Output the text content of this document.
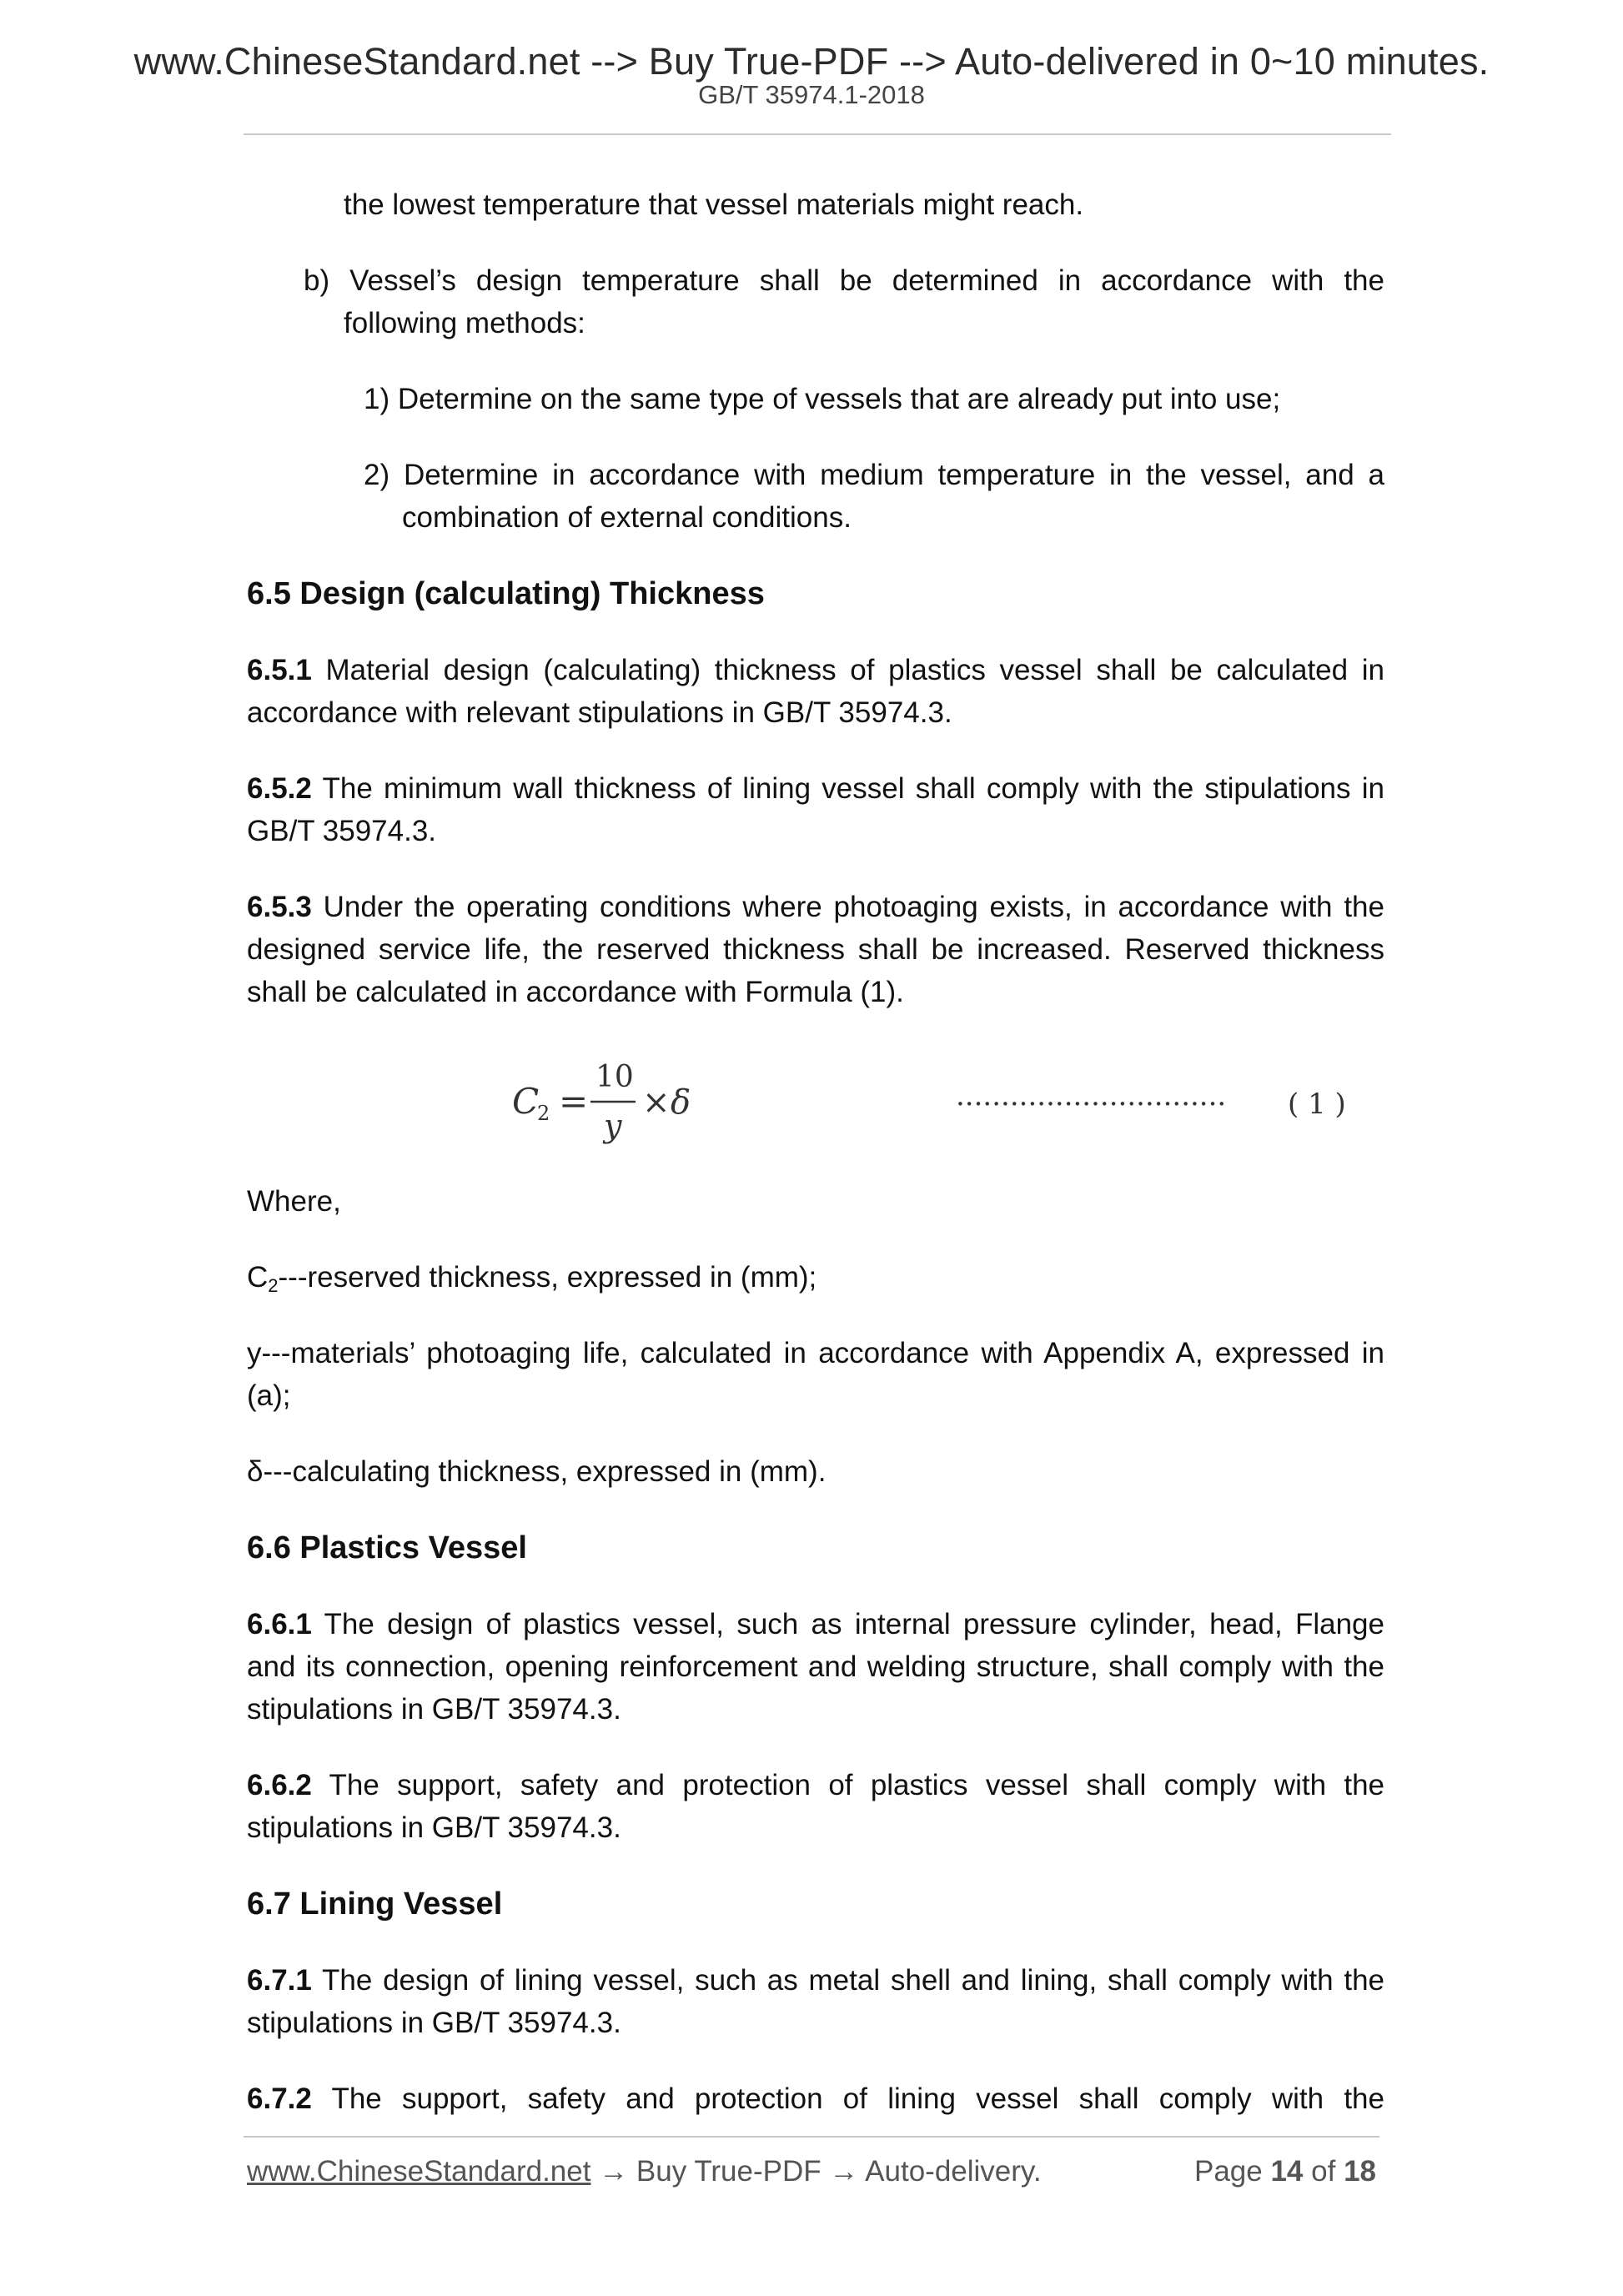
www.ChineseStandard.net --> Buy True-PDF --> Auto-delivered in 0~10 minutes.
GB/T 35974.1-2018

the lowest temperature that vessel materials might reach.

b) Vessel’s design temperature shall be determined in accordance with the following methods:

1) Determine on the same type of vessels that are already put into use;

2) Determine in accordance with medium temperature in the vessel, and a combination of external conditions.

6.5 Design (calculating) Thickness

6.5.1 Material design (calculating) thickness of plastics vessel shall be calculated in accordance with relevant stipulations in GB/T 35974.3.

6.5.2 The minimum wall thickness of lining vessel shall comply with the stipulations in GB/T 35974.3.

6.5.3 Under the operating conditions where photoaging exists, in accordance with the designed service life, the reserved thickness shall be increased. Reserved thickness shall be calculated in accordance with Formula (1).

C
2 =
10
y
× δ	······························ ( 1 )

Where,

$C_2--$-reserved thickness, expressed in (mm);

y---materials’ photoaging life, calculated in accordance with Appendix A, expressed in (a);

δ---calculating thickness, expressed in (mm).

6.6 Plastics Vessel

6.6.1 The design of plastics vessel, such as internal pressure cylinder, head, Flange and its connection, opening reinforcement and welding structure, shall comply with the stipulations in GB/T 35974.3.

6.6.2 The support, safety and protection of plastics vessel shall comply with the stipulations in GB/T 35974.3.

6.7 Lining Vessel

6.7.1 The design of lining vessel, such as metal shell and lining, shall comply with the stipulations in GB/T 35974.3.

6.7.2 The support, safety and protection of lining vessel shall comply with the

www.ChineseStandard.net → Buy True-PDF → Auto-delivery.	Page 14 of 18
